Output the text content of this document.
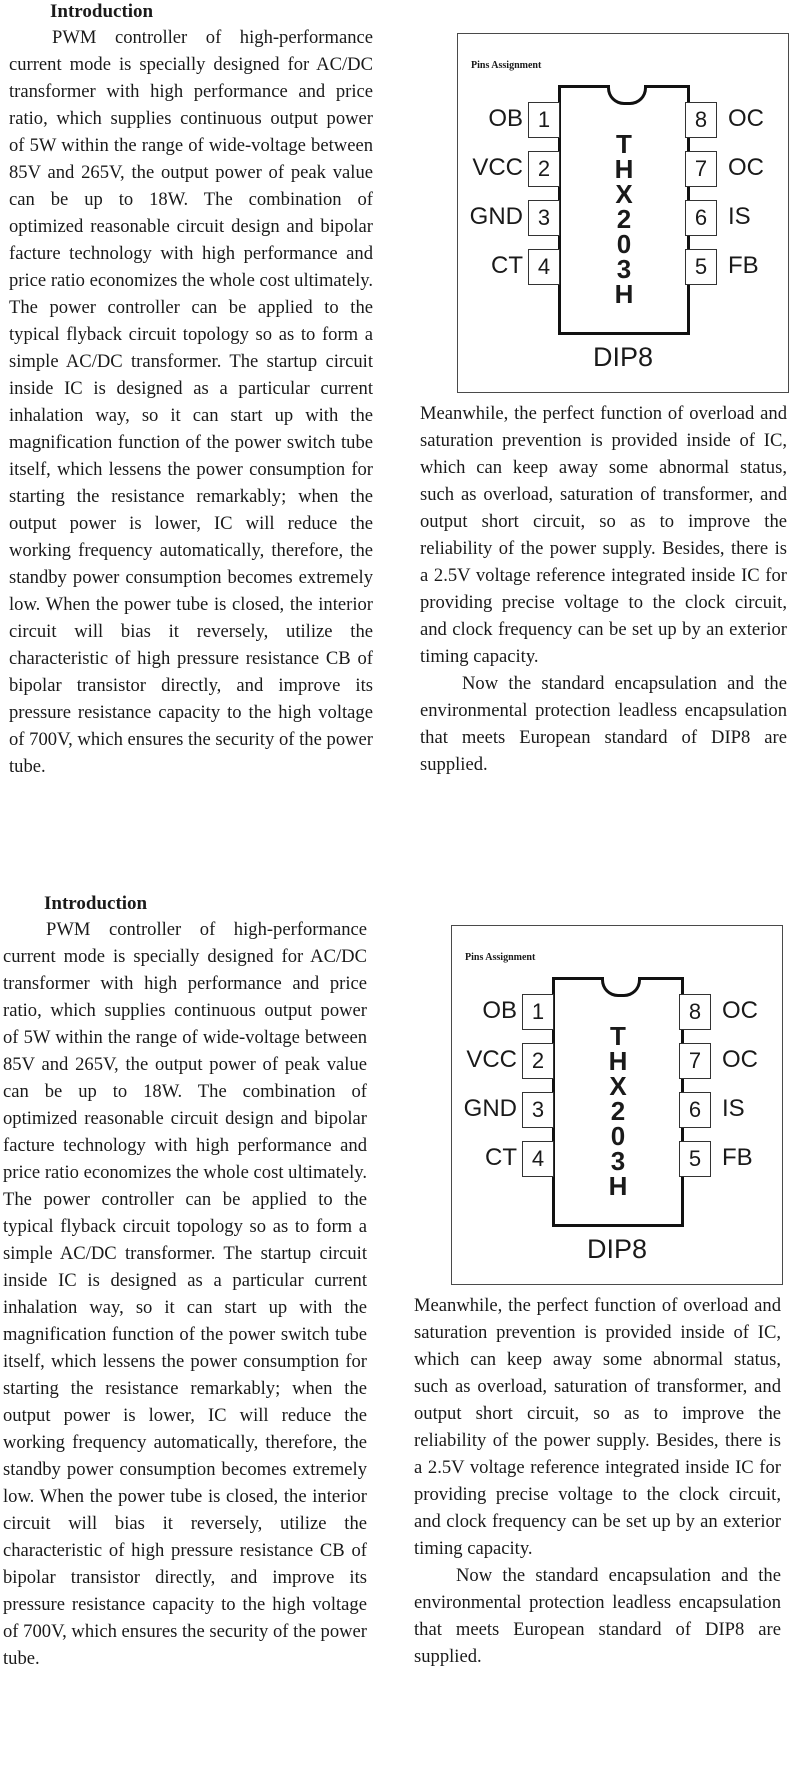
Introduction

PWM controller of high-performance current mode is specially designed for AC/DC transformer with high performance and price ratio, which supplies continuous output power of 5W within the range of wide-voltage between 85V and 265V, the output power of peak value can be up to 18W. The combination of optimized reasonable circuit design and bipolar facture technology with high performance and price ratio economizes the whole cost ultimately. The power controller can be applied to the typical flyback circuit topology so as to form a simple AC/DC transformer. The startup circuit inside IC is designed as a particular current inhalation way, so it can start up with the magnification function of the power switch tube itself, which lessens the power consumption for starting the resistance remarkably; when the output power is lower, IC will reduce the working frequency automatically, therefore, the standby power consumption becomes extremely low. When the power tube is closed, the interior circuit will bias it reversely, utilize the characteristic of high pressure resistance CB of bipolar transistor directly, and improve its pressure resistance capacity to the high voltage of 700V, which ensures the security of the power tube.

Pins Assignment
T
H
X
2
0
3
H
OB 1
VCC 2
GND 3
CT 4
8 OC
7 OC
6 IS
5 FB
DIP8

Meanwhile, the perfect function of overload and saturation prevention is provided inside of IC, which can keep away some abnormal status, such as overload, saturation of transformer, and output short circuit, so as to improve the reliability of the power supply. Besides, there is a 2.5V voltage reference integrated inside IC for providing precise voltage to the clock circuit, and clock frequency can be set up by an exterior timing capacity.

Now the standard encapsulation and the environmental protection leadless encapsulation that meets European standard of DIP8 are supplied.

Introduction

PWM controller of high-performance current mode is specially designed for AC/DC transformer with high performance and price ratio, which supplies continuous output power of 5W within the range of wide-voltage between 85V and 265V, the output power of peak value can be up to 18W. The combination of optimized reasonable circuit design and bipolar facture technology with high performance and price ratio economizes the whole cost ultimately. The power controller can be applied to the typical flyback circuit topology so as to form a simple AC/DC transformer. The startup circuit inside IC is designed as a particular current inhalation way, so it can start up with the magnification function of the power switch tube itself, which lessens the power consumption for starting the resistance remarkably; when the output power is lower, IC will reduce the working frequency automatically, therefore, the standby power consumption becomes extremely low. When the power tube is closed, the interior circuit will bias it reversely, utilize the characteristic of high pressure resistance CB of bipolar transistor directly, and improve its pressure resistance capacity to the high voltage of 700V, which ensures the security of the power tube.

Pins Assignment
T
H
X
2
0
3
H
OB 1
VCC 2
GND 3
CT 4
8 OC
7 OC
6 IS
5 FB
DIP8

Meanwhile, the perfect function of overload and saturation prevention is provided inside of IC, which can keep away some abnormal status, such as overload, saturation of transformer, and output short circuit, so as to improve the reliability of the power supply. Besides, there is a 2.5V voltage reference integrated inside IC for providing precise voltage to the clock circuit, and clock frequency can be set up by an exterior timing capacity.

Now the standard encapsulation and the environmental protection leadless encapsulation that meets European standard of DIP8 are supplied.
